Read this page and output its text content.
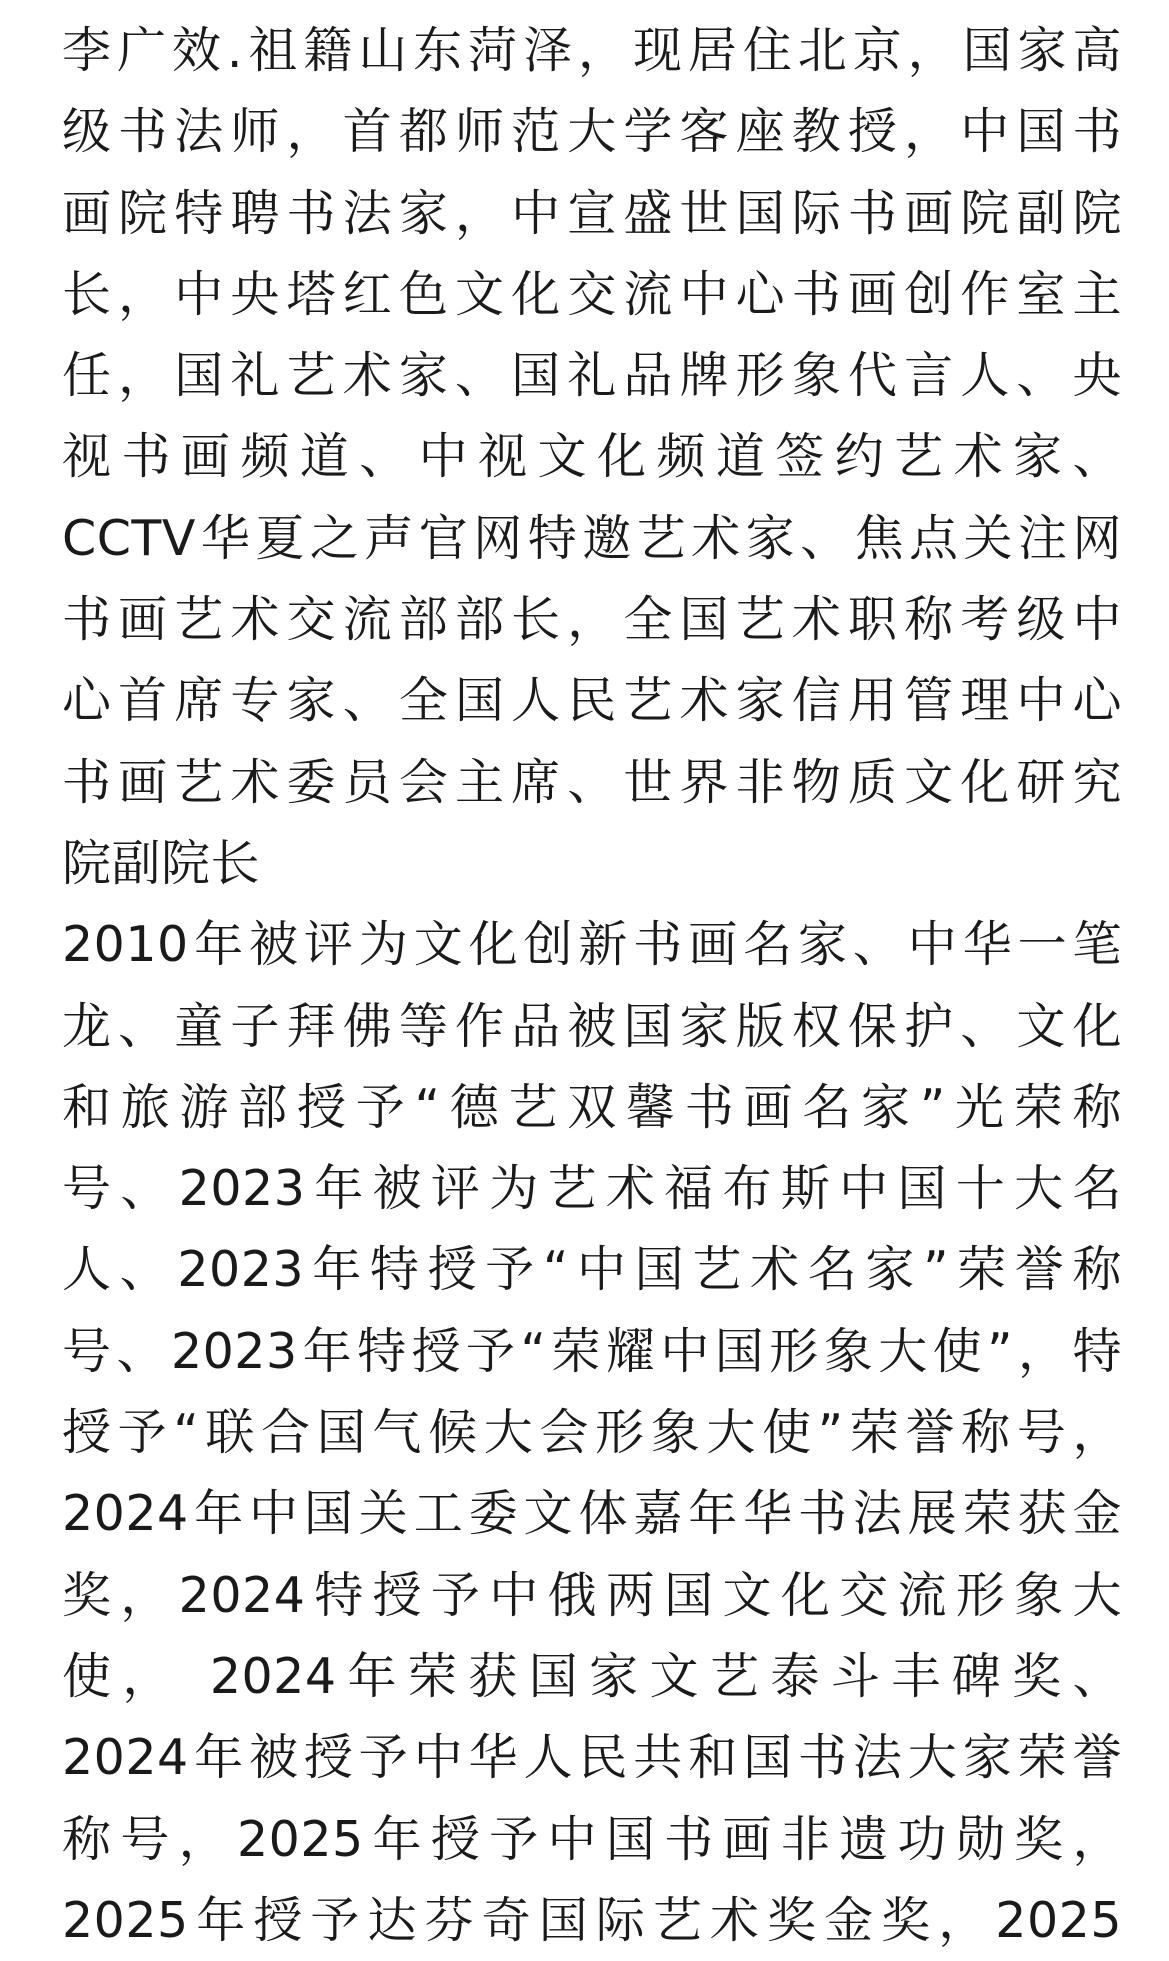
李广效.祖籍山东菏泽，现居住北京，国家高
级书法师，首都师范大学客座教授，中国书
画院特聘书法家，中宣盛世国际书画院副院
长，中央塔红色文化交流中心书画创作室主
任，国礼艺术家、国礼品牌形象代言人、央
视书画频道、中视文化频道签约艺术家、
CCTV华夏之声官网特邀艺术家、焦点关注网
书画艺术交流部部长，全国艺术职称考级中
心首席专家、全国人民艺术家信用管理中心
书画艺术委员会主席、世界非物质文化研究
院副院长
2010年被评为文化创新书画名家、中华一笔
龙、童子拜佛等作品被国家版权保护、文化
和旅游部授予“德艺双馨书画名家”光荣称
号、2023年被评为艺术福布斯中国十大名
人、2023年特授予“中国艺术名家”荣誉称
号、2023年特授予“荣耀中国形象大使”，特
授予“联合国气候大会形象大使”荣誉称号，
2024年中国关工委文体嘉年华书法展荣获金
奖，2024特授予中俄两国文化交流形象大
使， 2024年荣获国家文艺泰斗丰碑奖、
2024年被授予中华人民共和国书法大家荣誉
称号，2025年授予中国书画非遗功勋奖，
2025年授予达芬奇国际艺术奖金奖，2025
